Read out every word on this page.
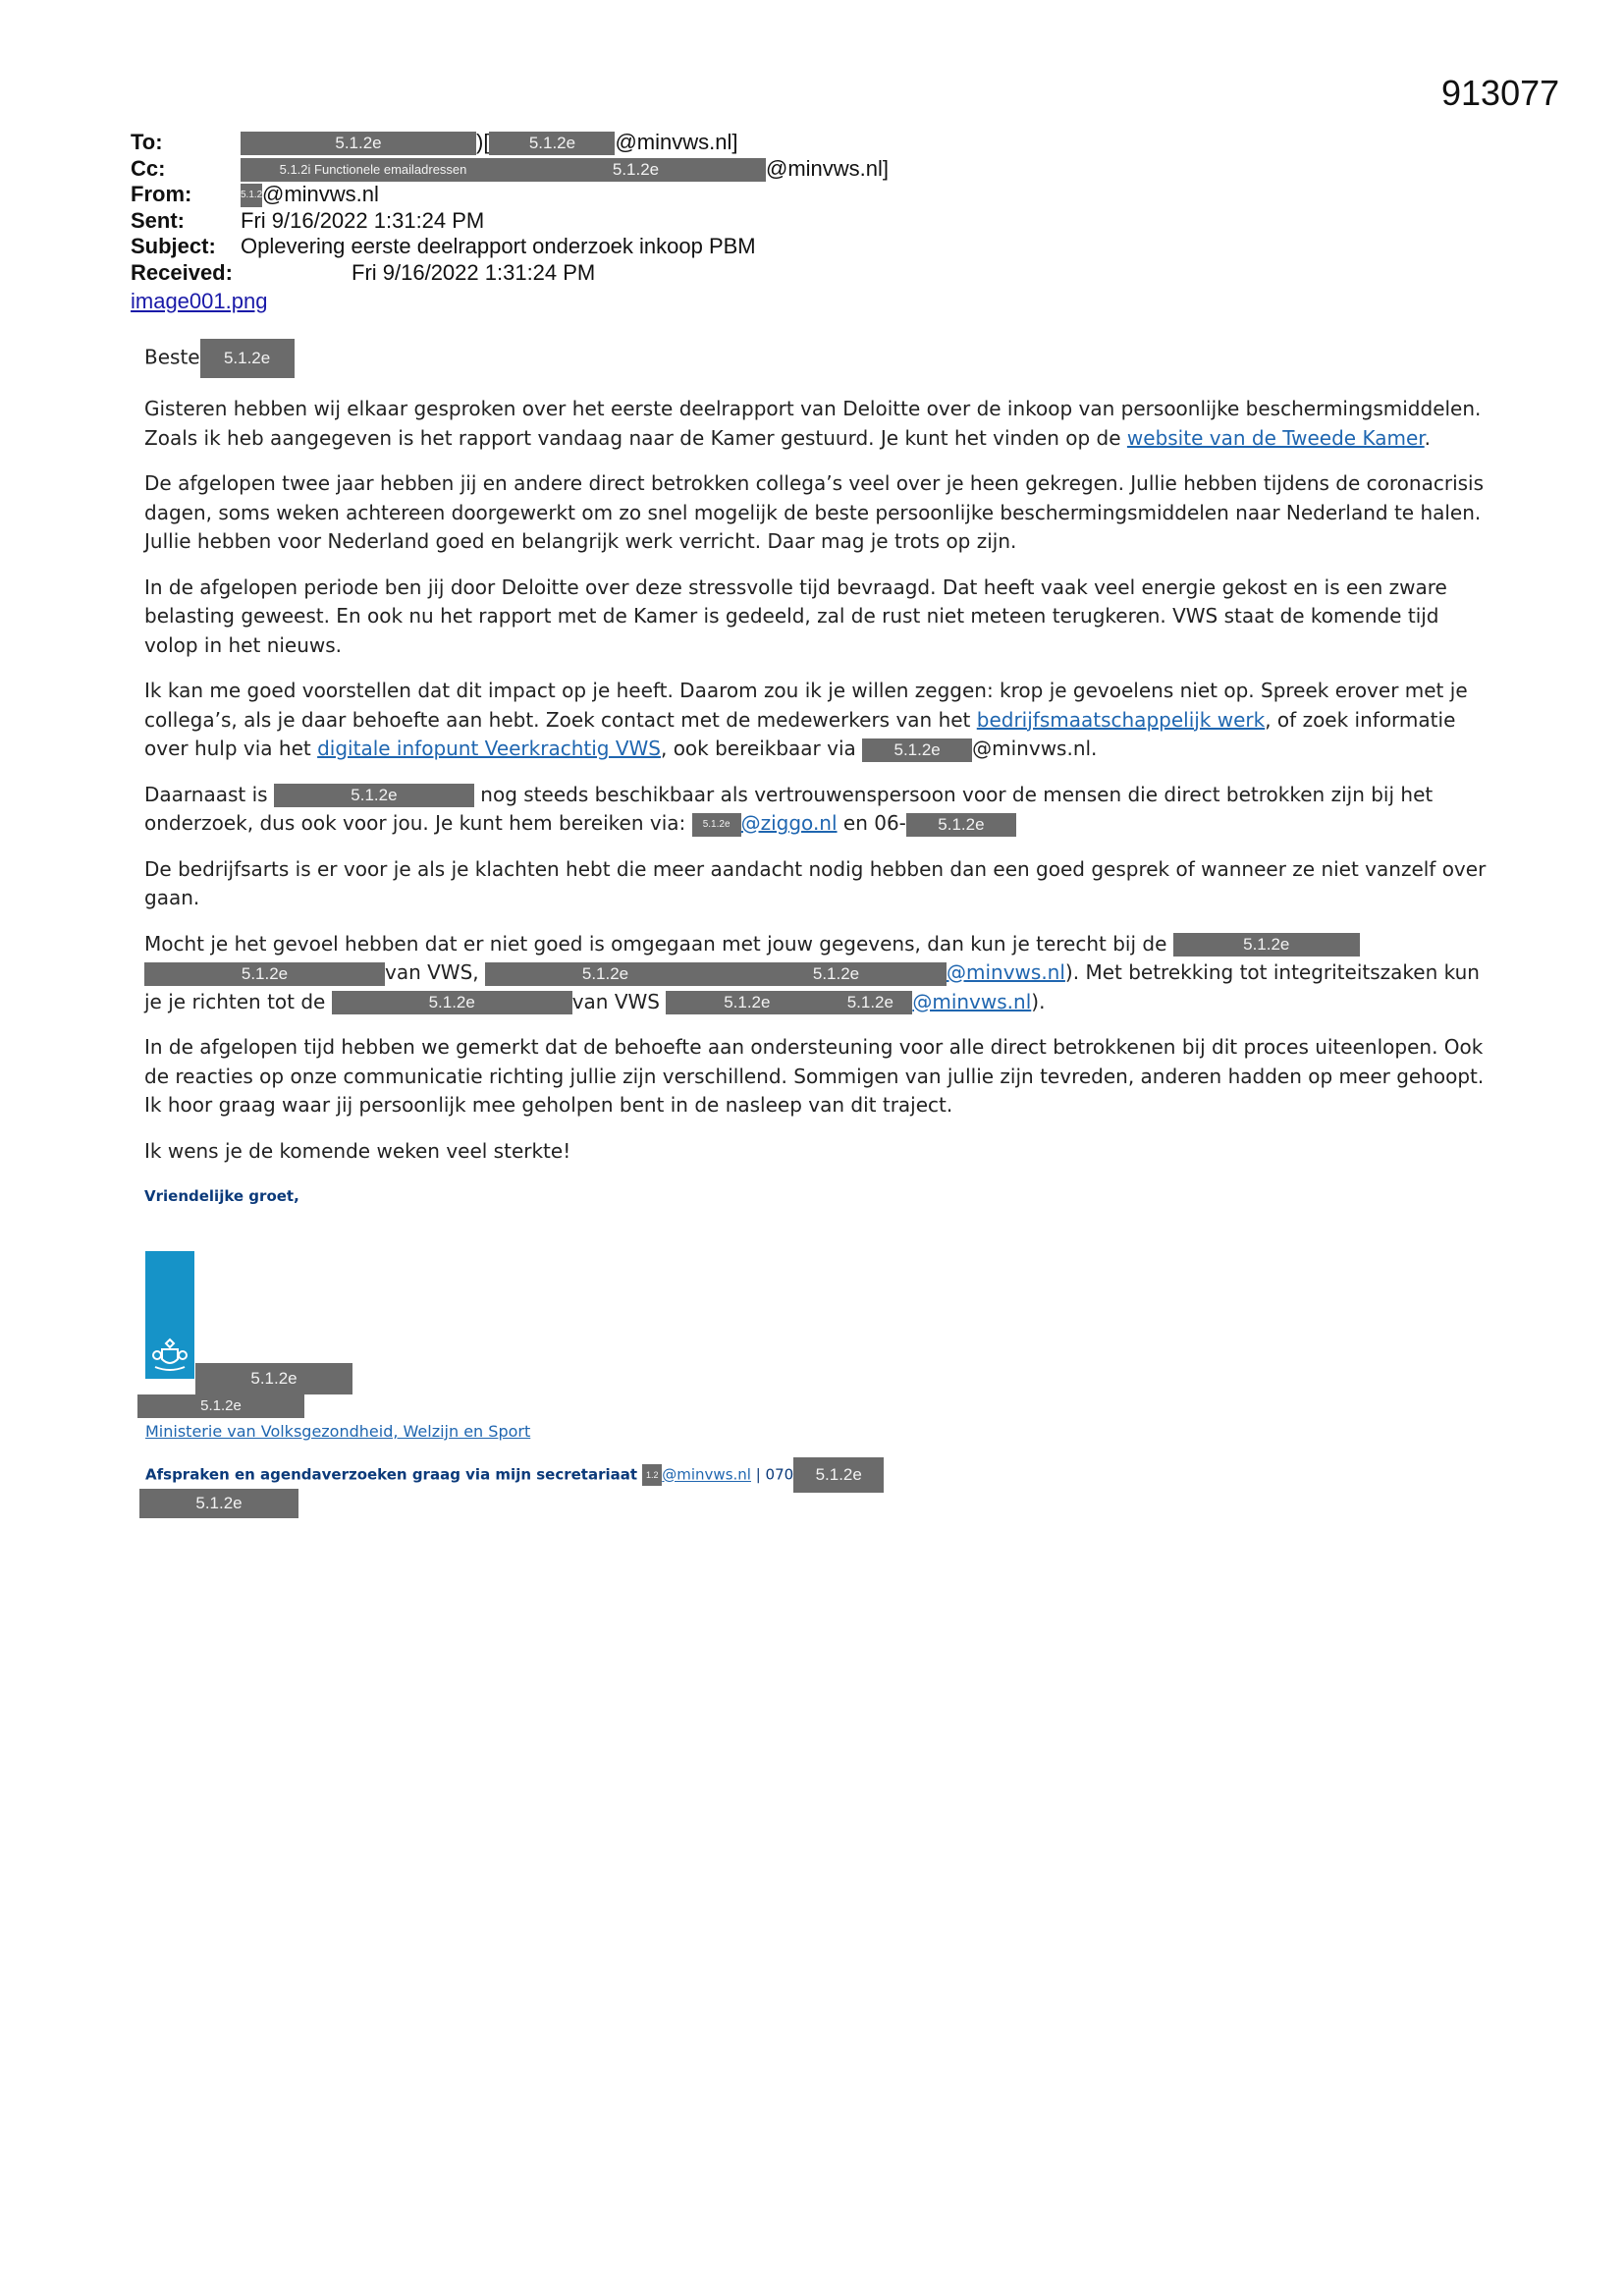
913077
To:	5.1.2e	)[ 5.1.2e @minvws.nl]
Cc:	5.1.2i Functionele emailadressen	5.1.2e	@minvws.nl]
From:	5.1.2e@minvws.nl
Sent:	Fri 9/16/2022 1:31:24 PM
Subject: Oplevering eerste deelrapport onderzoek inkoop PBM
Received:	Fri 9/16/2022 1:31:24 PM
image001.png

Beste 5.1.2e

Gisteren hebben wij elkaar gesproken over het eerste deelrapport van Deloitte over de inkoop van persoonlijke beschermingsmiddelen. Zoals ik heb aangegeven is het rapport vandaag naar de Kamer gestuurd. Je kunt het vinden op de website van de Tweede Kamer.

De afgelopen twee jaar hebben jij en andere direct betrokken collega’s veel over je heen gekregen. Jullie hebben tijdens de coronacrisis dagen, soms weken achtereen doorgewerkt om zo snel mogelijk de beste persoonlijke beschermingsmiddelen naar Nederland te halen. Jullie hebben voor Nederland goed en belangrijk werk verricht. Daar mag je trots op zijn.

In de afgelopen periode ben jij door Deloitte over deze stressvolle tijd bevraagd. Dat heeft vaak veel energie gekost en is een zware belasting geweest. En ook nu het rapport met de Kamer is gedeeld, zal de rust niet meteen terugkeren. VWS staat de komende tijd volop in het nieuws.

Ik kan me goed voorstellen dat dit impact op je heeft. Daarom zou ik je willen zeggen: krop je gevoelens niet op. Spreek erover met je collega’s, als je daar behoefte aan hebt. Zoek contact met de medewerkers van het bedrijfsmaatschappelijk werk, of zoek informatie over hulp via het digitale infopunt Veerkrachtig VWS, ook bereikbaar via 5.1.2e @minvws.nl.

Daarnaast is	5.1.2e	nog steeds beschikbaar als vertrouwenspersoon voor de mensen die direct betrokken zijn bij het onderzoek, dus ook voor jou. Je kunt hem bereiken via: 5.1.2e @ziggo.nl en 06- 5.1.2e

De bedrijfsarts is er voor je als je klachten hebt die meer aandacht nodig hebben dan een goed gesprek of wanneer ze niet vanzelf over gaan.

Mocht je het gevoel hebben dat er niet goed is omgegaan met jouw gegevens, dan kun je terecht bij de	5.1.2e5.1.2e	van VWS,	5.1.2e	5.1.2e	@minvws.nl). Met betrekking tot integriteitszaken kun je je richten tot de	5.1.2e	van VWS	5.1.2e	5.1.2e @minvws.nl).

In de afgelopen tijd hebben we gemerkt dat de behoefte aan ondersteuning voor alle direct betrokkenen bij dit proces uiteenlopen. Ook de reacties op onze communicatie richting jullie zijn verschillend. Sommigen van jullie zijn tevreden, anderen hadden op meer gehoopt. Ik hoor graag waar jij persoonlijk mee geholpen bent in de nasleep van dit traject.

Ik wens je de komende weken veel sterkte!

Vriendelijke groet,
5.1.2e
5.1.2e
Ministerie van Volksgezondheid, Welzijn en Sport
Afspraken en agendaverzoeken graag via mijn secretariaat 1.2 @minvws.nl | 070 5.1.2e
5.1.2e
